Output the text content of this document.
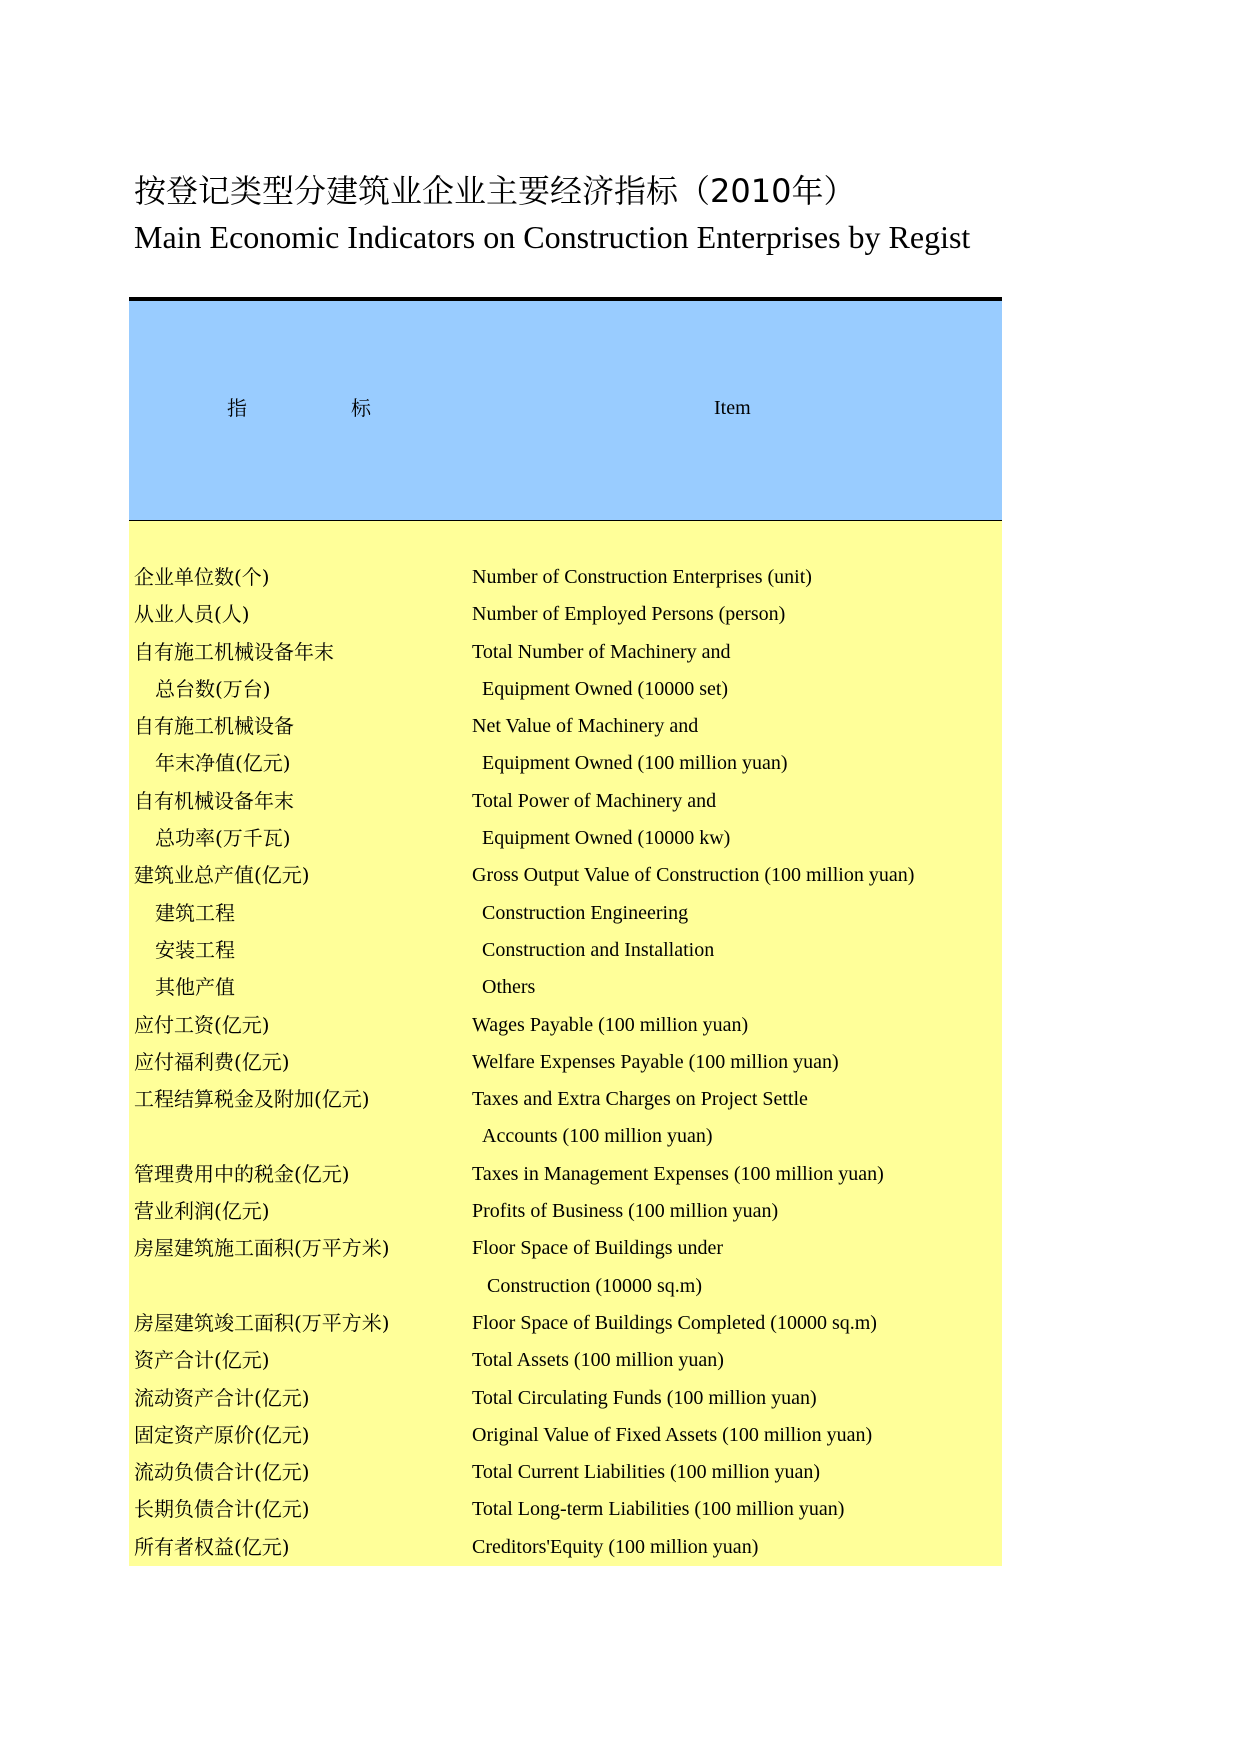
按登记类型分建筑业企业主要经济指标（2010年）
Main Economic Indicators on Construction Enterprises by Regist
指	标	Item
企业单位数(个)	Number of Construction Enterprises (unit)
从业人员(人)	Number of Employed Persons (person)
自有施工机械设备年末	Total Number of Machinery and
总台数(万台)	Equipment Owned (10000 set)
自有施工机械设备	Net Value of Machinery and
年末净值(亿元)	Equipment Owned (100 million yuan)
自有机械设备年末	Total Power of Machinery and
总功率(万千瓦)	Equipment Owned (10000 kw)
建筑业总产值(亿元)	Gross Output Value of Construction (100 million yuan)
建筑工程	Construction Engineering
安装工程	Construction and Installation
其他产值	Others
应付工资(亿元)	Wages Payable (100 million yuan)
应付福利费(亿元)	Welfare Expenses Payable (100 million yuan)
工程结算税金及附加(亿元)	Taxes and Extra Charges on Project Settle
Accounts (100 million yuan)
管理费用中的税金(亿元)	Taxes in Management Expenses (100 million yuan)
营业利润(亿元)	Profits of Business (100 million yuan)
房屋建筑施工面积(万平方米)	Floor Space of Buildings under
Construction (10000 sq.m)
房屋建筑竣工面积(万平方米)	Floor Space of Buildings Completed (10000 sq.m)
资产合计(亿元)	Total Assets (100 million yuan)
流动资产合计(亿元)	Total Circulating Funds (100 million yuan)
固定资产原价(亿元)	Original Value of Fixed Assets (100 million yuan)
流动负债合计(亿元)	Total Current Liabilities (100 million yuan)
长期负债合计(亿元)	Total Long-term Liabilities (100 million yuan)
所有者权益(亿元)	Creditors'Equity (100 million yuan)
